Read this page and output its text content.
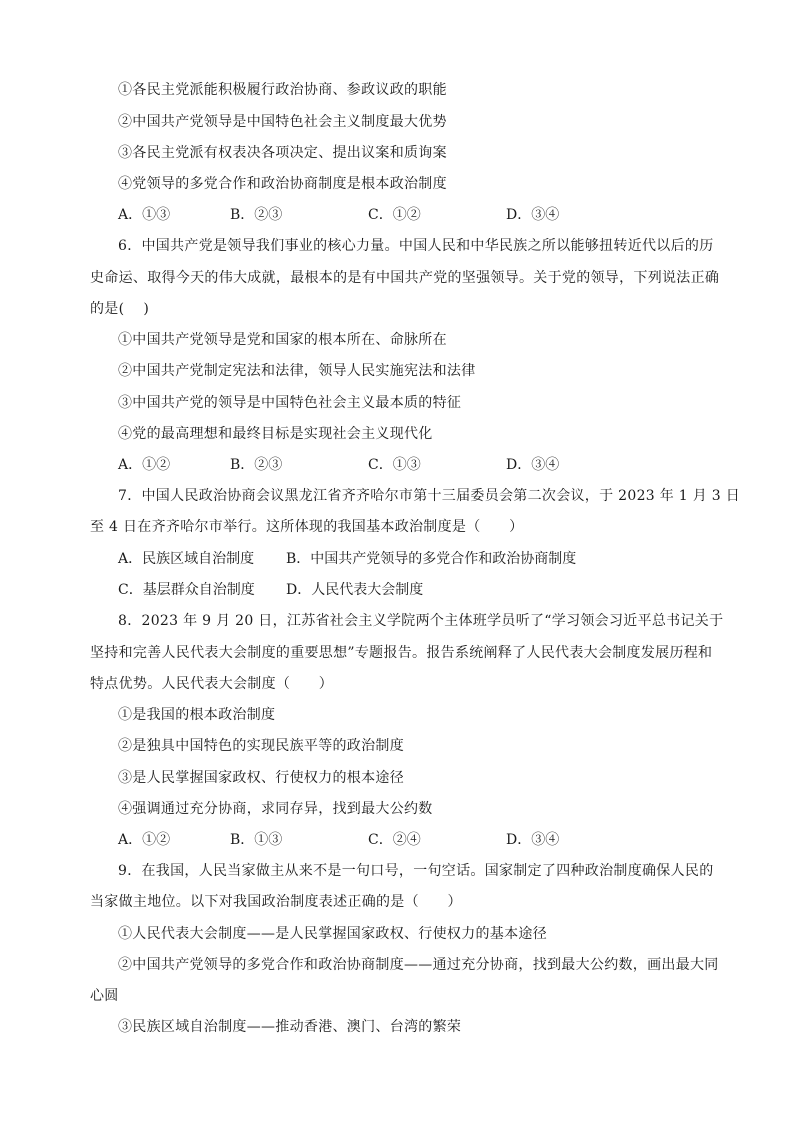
①各民主党派能积极履行政治协商、参政议政的职能
②中国共产党领导是中国特色社会主义制度最大优势
③各民主党派有权表决各项决定、提出议案和质询案
④党领导的多党合作和政治协商制度是根本政治制度
A．①③	B．②③	C．①②	D．③④
6．中国共产党是领导我们事业的核心力量。中国人民和中华民族之所以能够扭转近代以后的历
史命运、取得今天的伟大成就，最根本的是有中国共产党的坚强领导。关于党的领导，下列说法正确
的是(　 )
①中国共产党领导是党和国家的根本所在、命脉所在
②中国共产党制定宪法和法律，领导人民实施宪法和法律
③中国共产党的领导是中国特色社会主义最本质的特征
④党的最高理想和最终目标是实现社会主义现代化
A．①②	B．②③	C．①③	D．③④
7．中国人民政治协商会议黑龙江省齐齐哈尔市第十三届委员会第二次会议，于 2023 年 1 月 3 日
至 4 日在齐齐哈尔市举行。这所体现的我国基本政治制度是（　　）
A．民族区域自治制度 B．中国共产党领导的多党合作和政治协商制度
C．基层群众自治制度 D．人民代表大会制度
8．2023 年 9 月 20 日，江苏省社会主义学院两个主体班学员听了“学习领会习近平总书记关于
坚持和完善人民代表大会制度的重要思想”专题报告。报告系统阐释了人民代表大会制度发展历程和
特点优势。人民代表大会制度（　　）
①是我国的根本政治制度
②是独具中国特色的实现民族平等的政治制度
③是人民掌握国家政权、行使权力的根本途径
④强调通过充分协商，求同存异，找到最大公约数
A．①②	B．①③	C．②④	D．③④
9．在我国，人民当家做主从来不是一句口号，一句空话。国家制定了四种政治制度确保人民的
当家做主地位。以下对我国政治制度表述正确的是（　　）
①人民代表大会制度——是人民掌握国家政权、行使权力的基本途径
②中国共产党领导的多党合作和政治协商制度——通过充分协商，找到最大公约数，画出最大同
心圆
③民族区域自治制度——推动香港、澳门、台湾的繁荣
